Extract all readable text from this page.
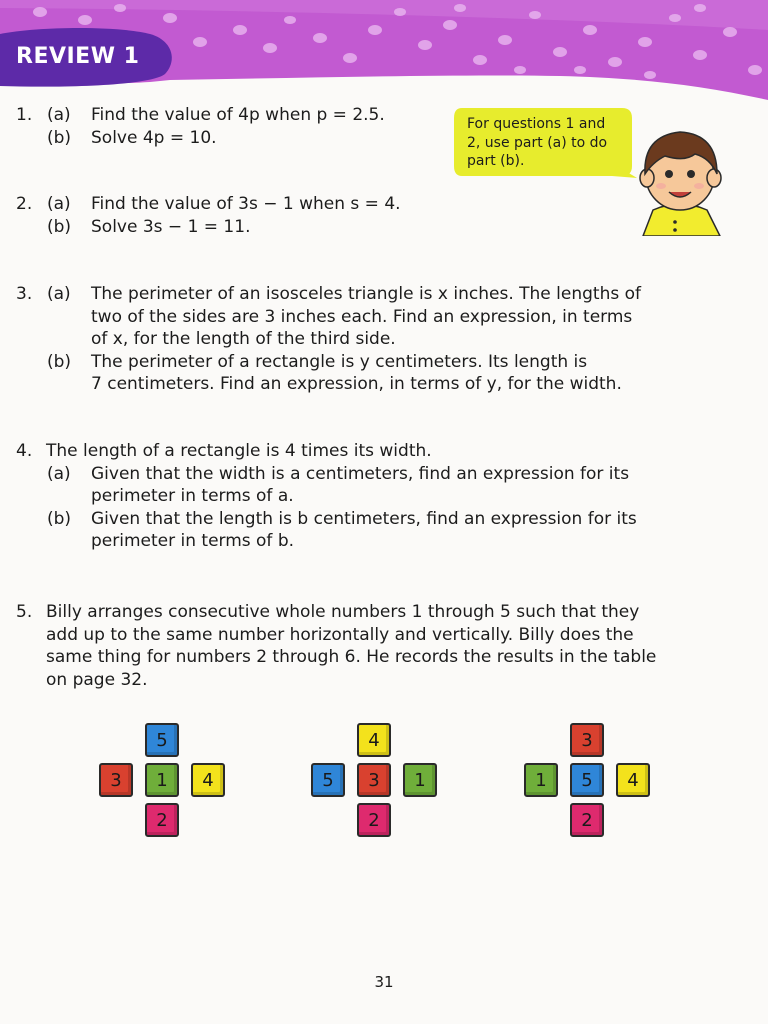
REVIEW 1
For questions 1 and
2, use part (a) to do
part (b).
1. (a) Find the value of 4p when p = 2.5.
(b) Solve 4p = 10.
2. (a) Find the value of 3s − 1 when s = 4.
(b) Solve 3s − 1 = 11.
3. (a) The perimeter of an isosceles triangle is x inches. The lengths of
two of the sides are 3 inches each. Find an expression, in terms
of x, for the length of the third side.
(b) The perimeter of a rectangle is y centimeters. Its length is
7 centimeters. Find an expression, in terms of y, for the width.
4. The length of a rectangle is 4 times its width.
(a) Given that the width is a centimeters, find an expression for its
perimeter in terms of a.
(b) Given that the length is b centimeters, find an expression for its
perimeter in terms of b.
5. Billy arranges consecutive whole numbers 1 through 5 such that they
add up to the same number horizontally and vertically. Billy does the
same thing for numbers 2 through 6. He records the results in the table
on page 32.
5
3	1	4
2
4
5	3	1
2
3
1	5	4
2
31
